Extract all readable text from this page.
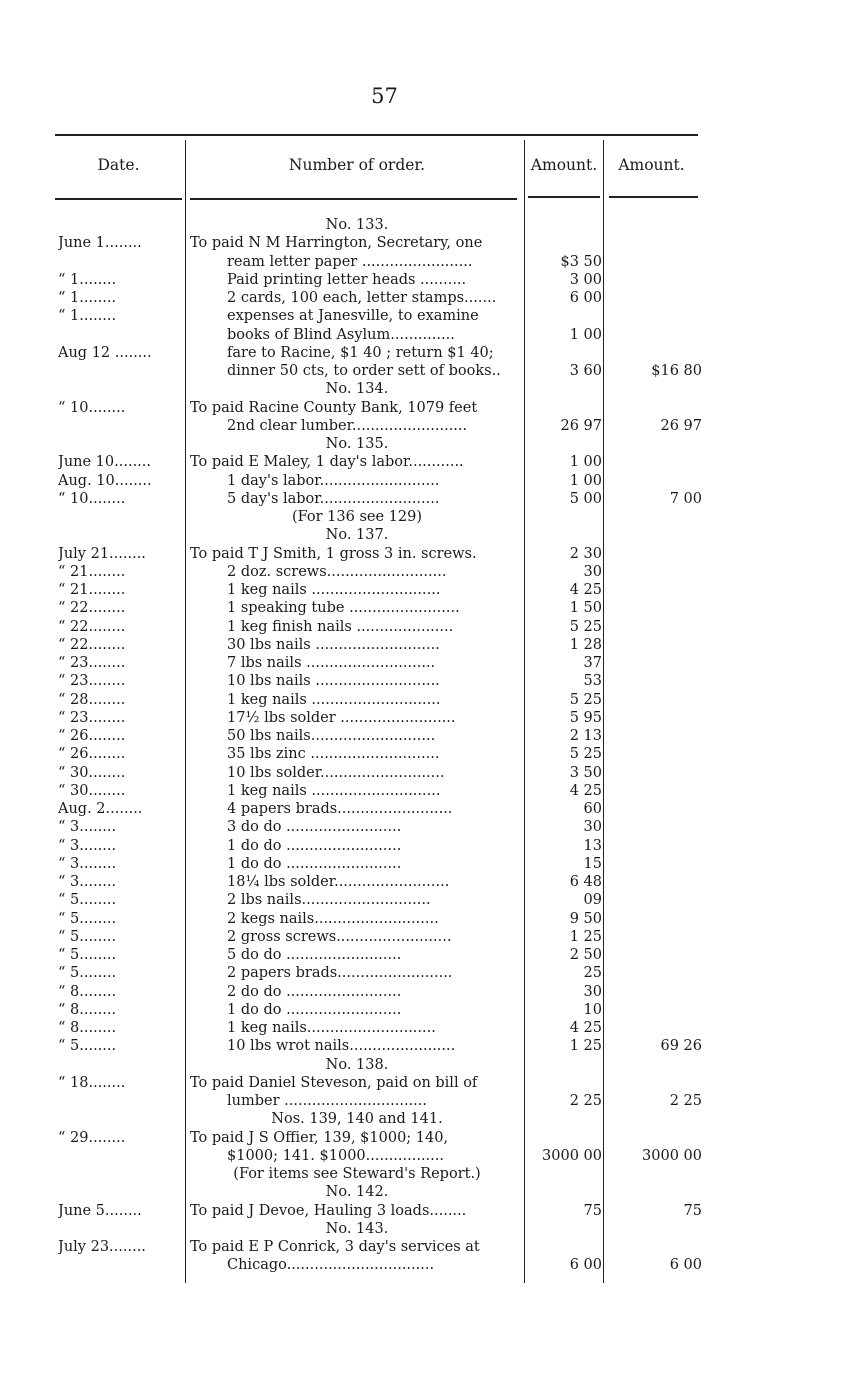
57
Date.	Number of order.	Amount.	Amount.
No. 133.
June 1........	To paid N M Harrington, Secretary, one
ream letter paper ........................	$3 50
“ 1........	Paid printing letter heads ..........	3 00
“ 1........	2 cards, 100 each, letter stamps.......	6 00
“ 1........	expenses at Janesville, to examine
books of Blind Asylum..............	1 00
Aug 12 ........	fare to Racine, $1 40 ; return $1 40;
dinner 50 cts, to order sett of books..	3 60	$16 80
No. 134.
“ 10........	To paid Racine County Bank, 1079 feet
2nd clear lumber.........................	26 97	26 97
No. 135.
June 10........	To paid E Maley, 1 day's labor............	1 00
Aug. 10........	1 day's labor..........................	1 00
“ 10........	5 day's labor..........................	5 00	7 00
(For 136 see 129)
No. 137.
July 21........	To paid T J Smith, 1 gross 3 in. screws.	2 30
“ 21........	2 doz. screws..........................	30
“ 21........	1 keg nails ............................	4 25
“ 22........	1 speaking tube ........................	1 50
“ 22........	1 keg finish nails .....................	5 25
“ 22........	30 lbs nails ...........................	1 28
“ 23........	7 lbs nails ............................	37
“ 23........	10 lbs nails ...........................	53
“ 28........	1 keg nails ............................	5 25
“ 23........	17½ lbs solder .........................	5 95
“ 26........	50 lbs nails...........................	2 13
“ 26........	35 lbs zinc ............................	5 25
“ 30........	10 lbs solder...........................	3 50
“ 30........	1 keg nails ............................	4 25
Aug. 2........	4 papers brads.........................	60
“ 3........	3 do do .........................	30
“ 3........	1 do do .........................	13
“ 3........	1 do do .........................	15
“ 3........	18¼ lbs solder.........................	6 48
“ 5........	2 lbs nails............................	09
“ 5........	2 kegs nails...........................	9 50
“ 5........	2 gross screws.........................	1 25
“ 5........	5 do do .........................	2 50
“ 5........	2 papers brads.........................	25
“ 8........	2 do do .........................	30
“ 8........	1 do do .........................	10
“ 8........	1 keg nails............................	4 25
“ 5........	10 lbs wrot nails.......................	1 25	69 26
No. 138.
“ 18........	To paid Daniel Steveson, paid on bill of
lumber ...............................	2 25	2 25
Nos. 139, 140 and 141.
“ 29........	To paid J S Offier, 139, $1000; 140,
$1000; 141. $1000.................	3000 00	3000 00
(For items see Steward's Report.)
No. 142.
June 5........	To paid J Devoe, Hauling 3 loads........	75	75
No. 143.
July 23........	To paid E P Conrick, 3 day's services at
Chicago................................	6 00	6 00
